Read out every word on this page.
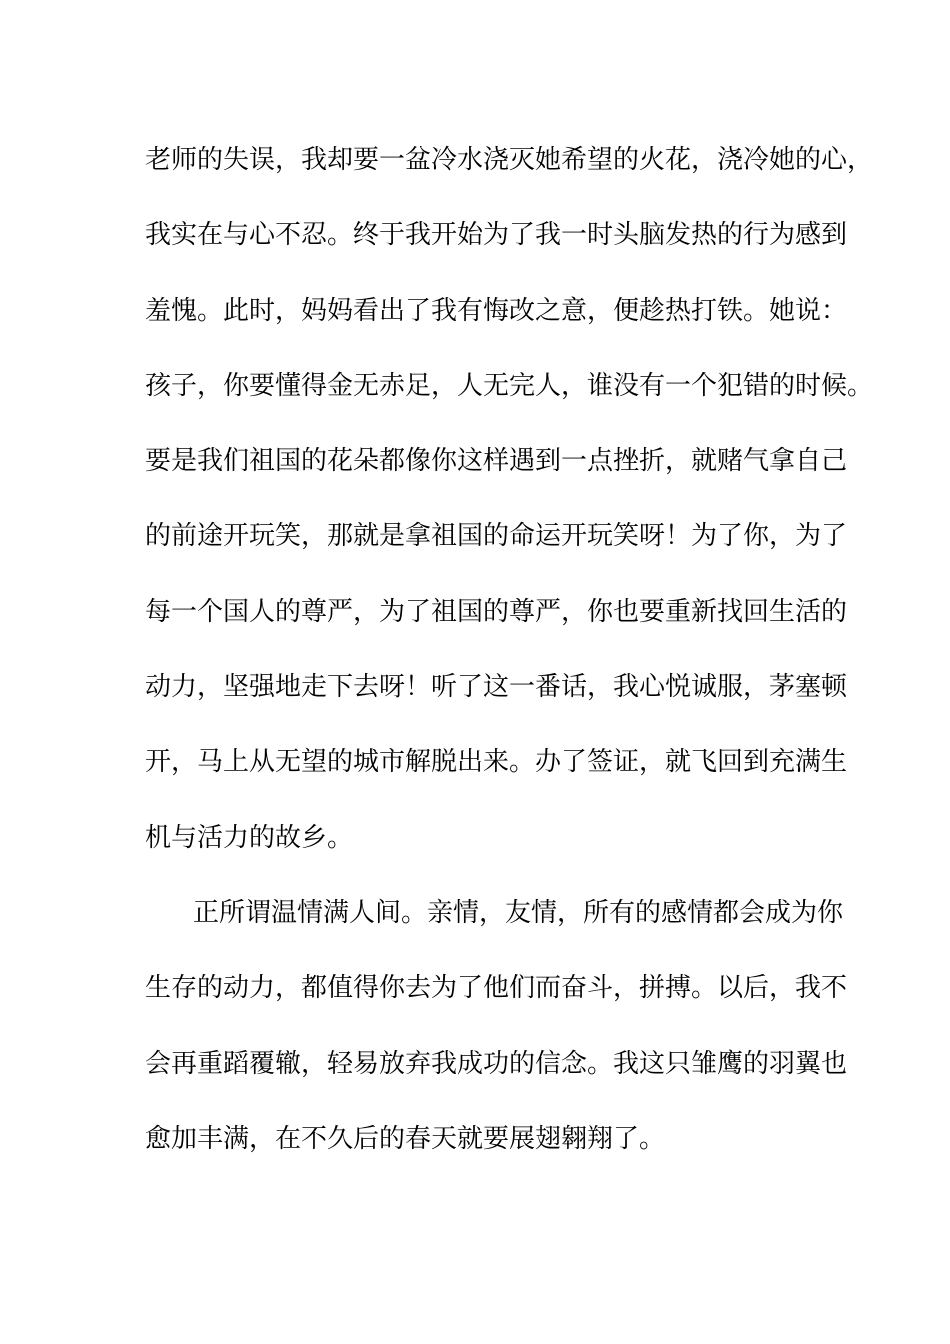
老师的失误，我却要一盆冷水浇灭她希望的火花，浇冷她的心，
我实在与心不忍。终于我开始为了我一时头脑发热的行为感到
羞愧。此时，妈妈看出了我有悔改之意，便趁热打铁。她说：
孩子，你要懂得金无赤足，人无完人，谁没有一个犯错的时候。
要是我们祖国的花朵都像你这样遇到一点挫折，就赌气拿自己
的前途开玩笑，那就是拿祖国的命运开玩笑呀！为了你，为了
每一个国人的尊严，为了祖国的尊严，你也要重新找回生活的
动力，坚强地走下去呀！听了这一番话，我心悦诚服，茅塞顿
开，马上从无望的城市解脱出来。办了签证，就飞回到充满生
机与活力的故乡。
正所谓温情满人间。亲情，友情，所有的感情都会成为你
生存的动力，都值得你去为了他们而奋斗，拼搏。以后，我不
会再重蹈覆辙，轻易放弃我成功的信念。我这只雏鹰的羽翼也
愈加丰满，在不久后的春天就要展翅翱翔了。
